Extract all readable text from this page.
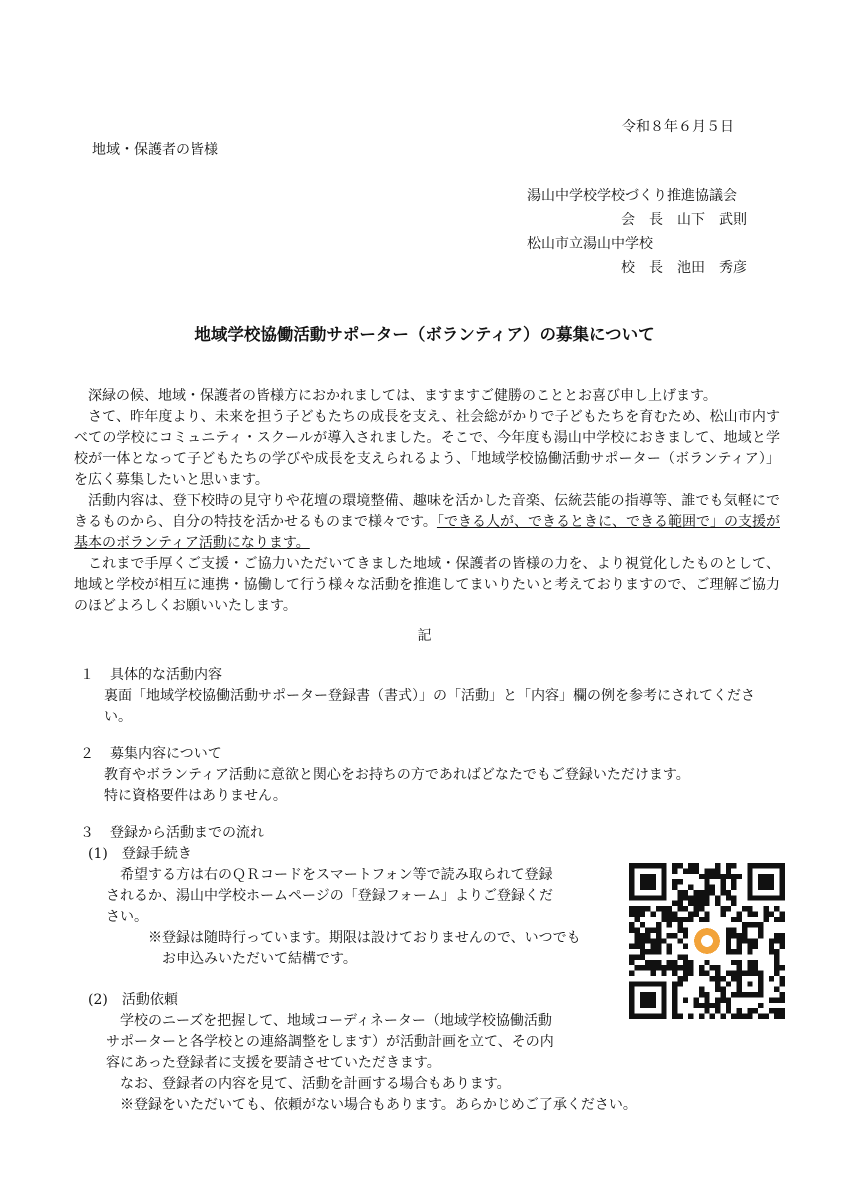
令和８年６月５日
地域・保護者の皆様
湯山中学校学校づくり推進協議会
会　長　山下　武則
松山市立湯山中学校
校　長　池田　秀彦
地域学校協働活動サポーター（ボランティア）の募集について

深緑の候、地域・保護者の皆様方におかれましては、ますますご健勝のこととお喜び申し上げます。

さて、昨年度より、未来を担う子どもたちの成長を支え、社会総がかりで子どもたちを育むため、松山市内すべての学校にコミュニティ・スクールが導入されました。そこで、今年度も湯山中学校におきまして、地域と学校が一体となって子どもたちの学びや成長を支えられるよう、「地域学校協働活動サポーター（ボランティア）」を広く募集したいと思います。

活動内容は、登下校時の見守りや花壇の環境整備、趣味を活かした音楽、伝統芸能の指導等、誰でも気軽にできるものから、自分の特技を活かせるものまで様々です。「できる人が、できるときに、できる範囲で」の支援が基本のボランティア活動になります。

これまで手厚くご支援・ご協力いただいてきました地域・保護者の皆様の力を、より視覚化したものとして、地域と学校が相互に連携・協働して行う様々な活動を推進してまいりたいと考えておりますので、ご理解ご協力のほどよろしくお願いいたします。

記
１ 具体的な活動内容
裏面「地域学校協働活動サポーター登録書（書式）」の「活動」と「内容」欄の例を参考にされてください。
２ 募集内容について
教育やボランティア活動に意欲と関心をお持ちの方であればどなたでもご登録いただけます。
特に資格要件はありません。
３ 登録から活動までの流れ
(1)　登録手続き
希望する方は右のＱＲコードをスマートフォン等で読み取られて登録
されるか、湯山中学校ホームページの「登録フォーム」よりご登録くだ
さい。
※登録は随時行っています。期限は設けておりませんので、いつでも
お申込みいただいて結構です。
(2)　活動依頼
学校のニーズを把握して、地域コーディネーター（地域学校協働活動
サポーターと各学校との連絡調整をします）が活動計画を立て、その内
容にあった登録者に支援を要請させていただきます。
なお、登録者の内容を見て、活動を計画する場合もあります。
※登録をいただいても、依頼がない場合もあります。あらかじめご了承ください。
